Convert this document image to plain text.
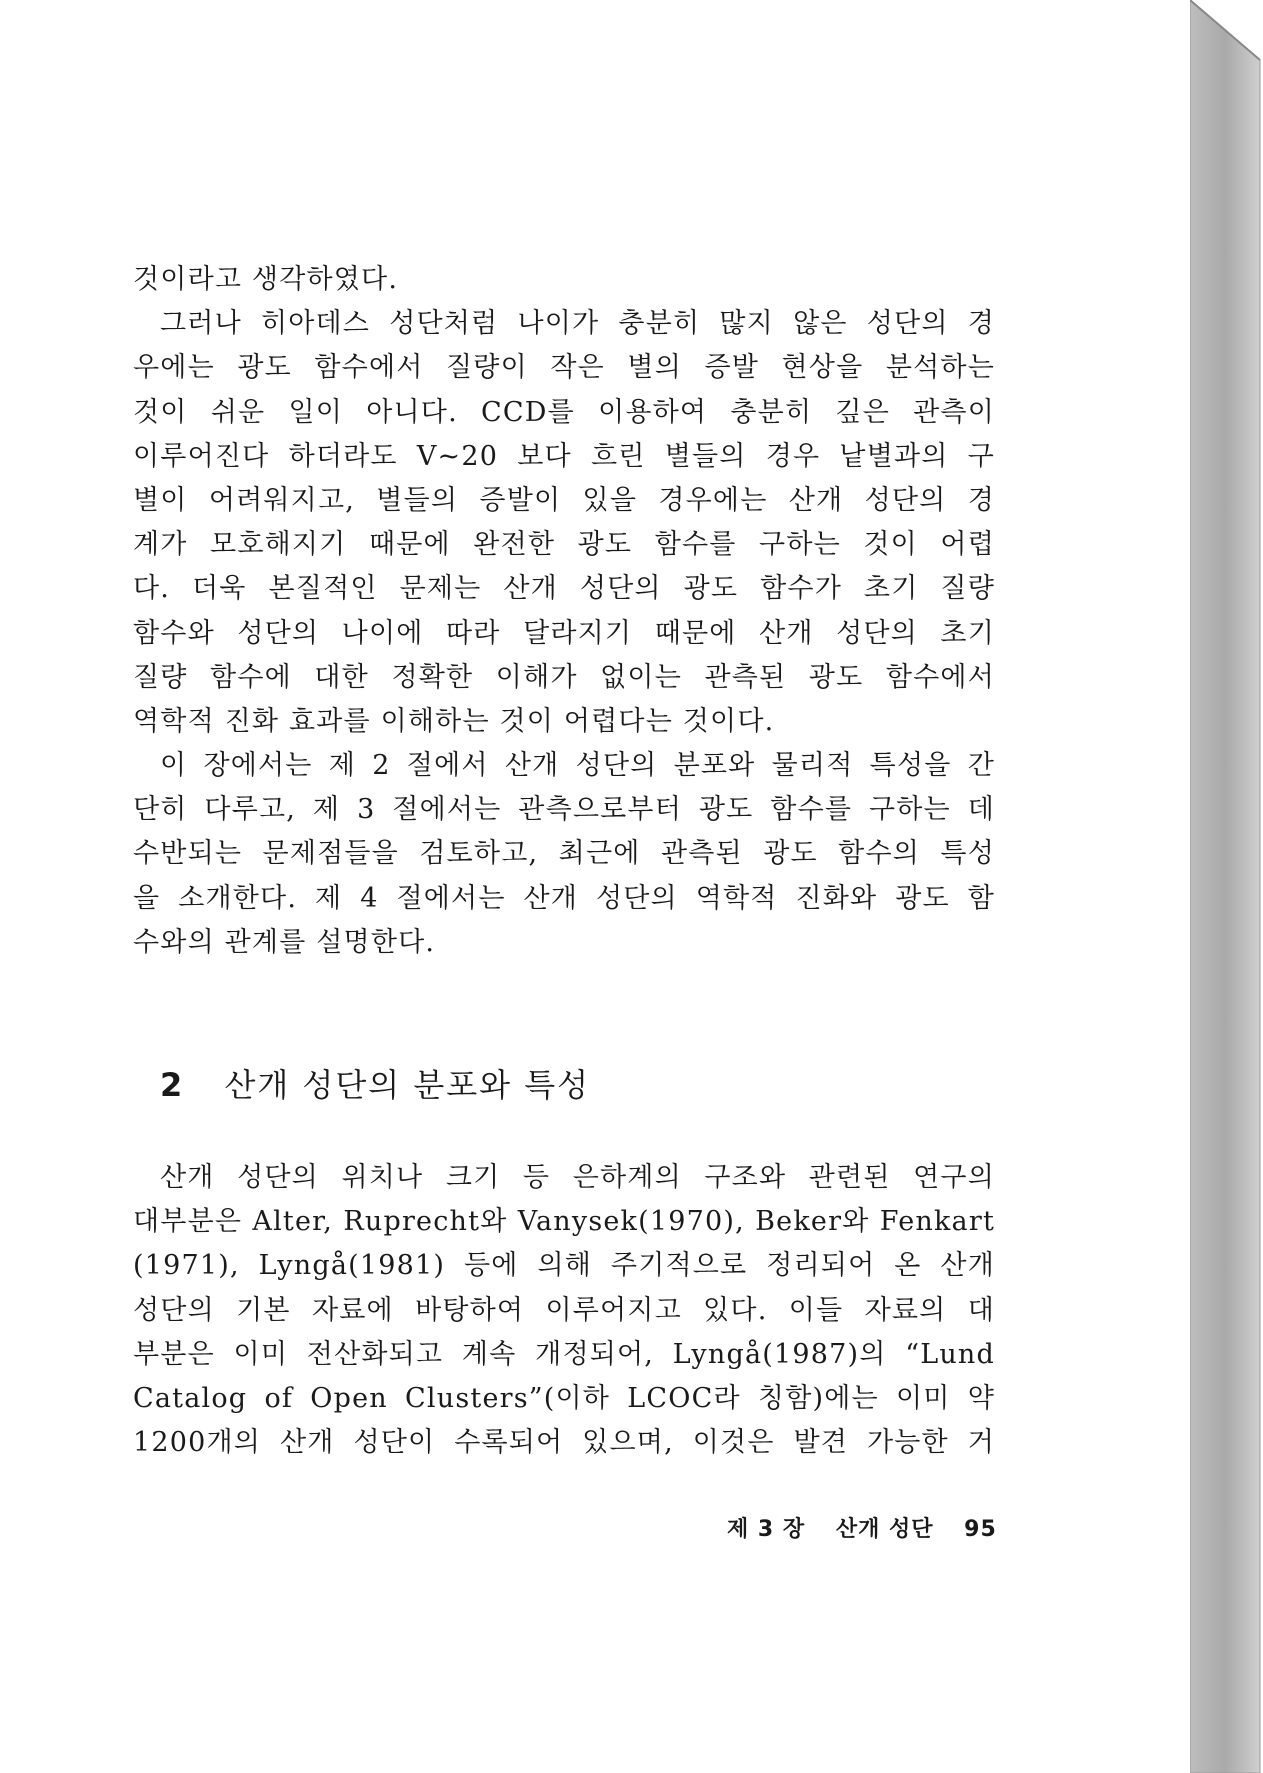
것이라고 생각하였다.
그러나 히아데스 성단처럼 나이가 충분히 많지 않은 성단의 경
우에는 광도 함수에서 질량이 작은 별의 증발 현상을 분석하는
것이 쉬운 일이 아니다. CCD를 이용하여 충분히 깊은 관측이
이루어진다 하더라도 V~20 보다 흐린 별들의 경우 낱별과의 구
별이 어려워지고, 별들의 증발이 있을 경우에는 산개 성단의 경
계가 모호해지기 때문에 완전한 광도 함수를 구하는 것이 어렵
다. 더욱 본질적인 문제는 산개 성단의 광도 함수가 초기 질량
함수와 성단의 나이에 따라 달라지기 때문에 산개 성단의 초기
질량 함수에 대한 정확한 이해가 없이는 관측된 광도 함수에서
역학적 진화 효과를 이해하는 것이 어렵다는 것이다.
이 장에서는 제 2 절에서 산개 성단의 분포와 물리적 특성을 간
단히 다루고, 제 3 절에서는 관측으로부터 광도 함수를 구하는 데
수반되는 문제점들을 검토하고, 최근에 관측된 광도 함수의 특성
을 소개한다. 제 4 절에서는 산개 성단의 역학적 진화와 광도 함
수와의 관계를 설명한다.
2 산개 성단의 분포와 특성
산개 성단의 위치나 크기 등 은하계의 구조와 관련된 연구의
대부분은 Alter, Ruprecht와 Vanysek(1970), Beker와 Fenkart
(1971), Lyngå(1981) 등에 의해 주기적으로 정리되어 온 산개
성단의 기본 자료에 바탕하여 이루어지고 있다. 이들 자료의 대
부분은 이미 전산화되고 계속 개정되어, Lyngå(1987)의 “Lund
Catalog of Open Clusters”(이하 LCOC라 칭함)에는 이미 약
1200개의 산개 성단이 수록되어 있으며, 이것은 발견 가능한 거
제 3 장 산개 성단 95
